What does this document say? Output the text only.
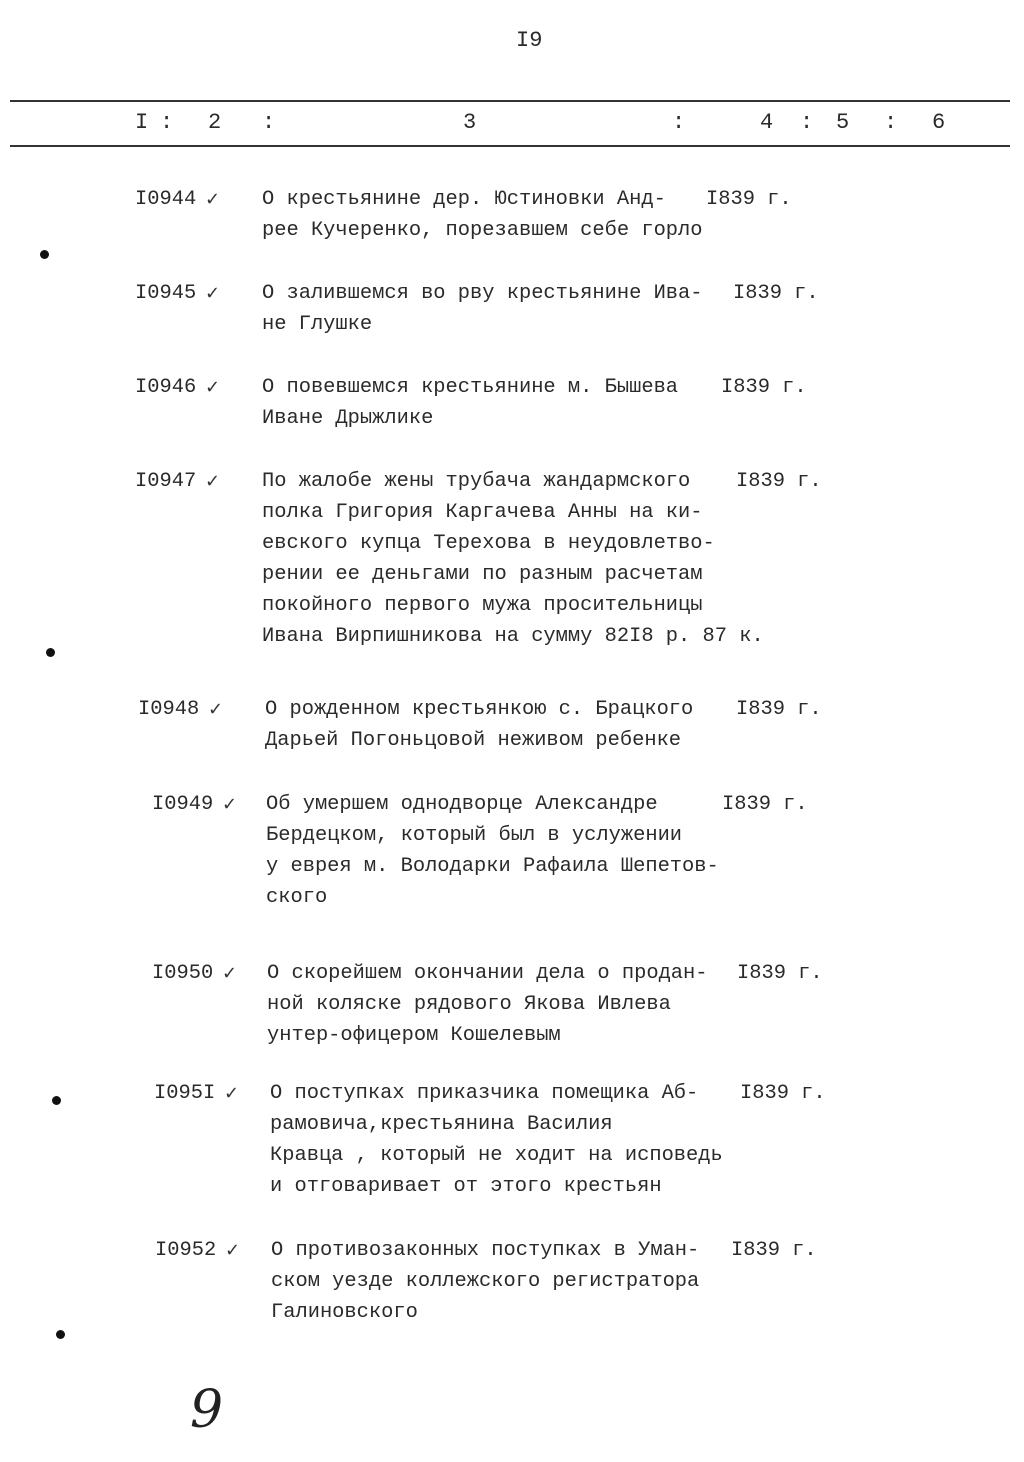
I9
I : 2 :	3	:	4 : 5 : 6
I0944 ✓ О крестьянине дер. Юстиновки Анд-
рее Кучеренко, порезавшем себе горло
I839 г.
I0945 ✓ О залившемся во рву крестьянине Ива-
не Глушке
I839 г.
I0946 ✓ О повевшемся крестьянине м. Бышева
Иване Дрыжлике
I839 г.
I0947 ✓ По жалобе жены трубача жандармского
полка Григория Каргачева Анны на ки-
евского купца Терехова в неудовлетво-
рении ее деньгами по разным расчетам
покойного первого мужа просительницы
Ивана Вирпишникова на сумму 82I8 р. 87 к.
I839 г.
I0948 ✓ О рожденном крестьянкою с. Брацкого
Дарьей Погоньцовой неживом ребенке
I839 г.
I0949 ✓ Об умершем однодворце Александре
Бердецком, который был в услужении
у еврея м. Володарки Рафаила Шепетов-
ского
I839 г.
I0950 ✓ О скорейшем окончании дела о продан-
ной коляске рядового Якова Ивлева
унтер-офицером Кошелевым
I839 г.
I095I ✓ О поступках приказчика помещика Аб-
рамовича,крестьянина Василия
Кравца , который не ходит на исповедь
и отговаривает от этого крестьян
I839 г.
I0952 ✓ О противозаконных поступках в Уман-
ском уезде коллежского регистратора
Галиновского
I839 г.
9
